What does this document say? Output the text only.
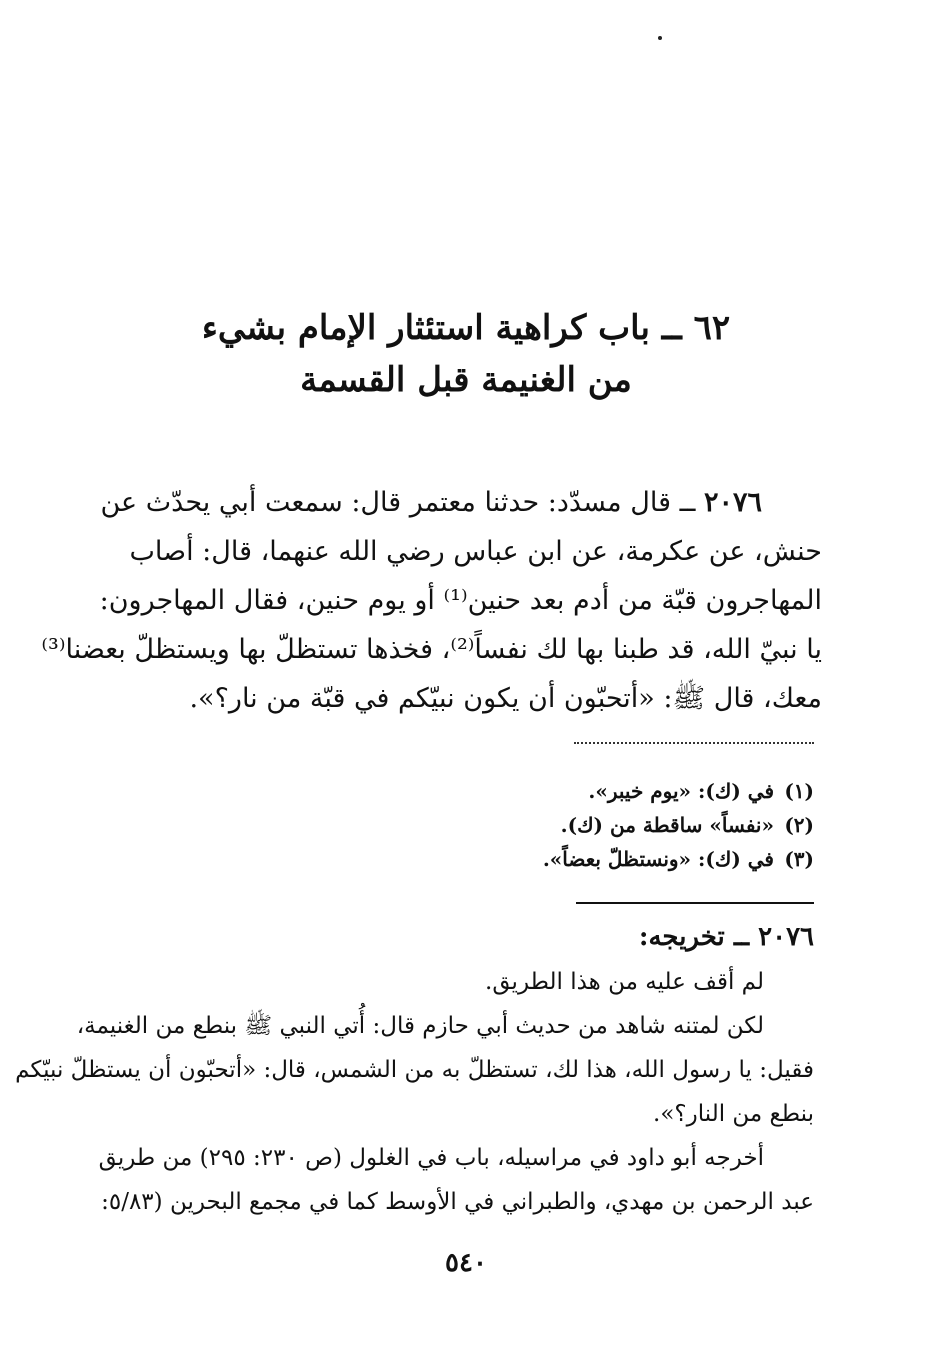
٦٢ ــ باب كراهية استئثار الإمام بشيء
من الغنيمة قبل القسمة
٢٠٧٦ ــ قال مسدّد: حدثنا معتمر قال: سمعت أبي يحدّث عن
حنش، عن عكرمة، عن ابن عباس رضي الله عنهما، قال: أصاب
المهاجرون قبّة من أدم بعد حنين⁽¹⁾ أو يوم حنين، فقال المهاجرون:
يا نبيّ الله، قد طبنا بها لك نفساً⁽²⁾، فخذها تستظلّ بها ويستظلّ بعضنا⁽³⁾
معك، قال ﷺ: «أتحبّون أن يكون نبيّكم في قبّة من نار؟».
(١)في (ك): «يوم خيبر».
(٢)«نفساً» ساقطة من (ك).
(٣)في (ك): «ونستظلّ بعضاً».
٢٠٧٦ ــ تخريجه:
لم أقف عليه من هذا الطريق.
لكن لمتنه شاهد من حديث أبي حازم قال: أُتي النبي ﷺ بنطع من الغنيمة،
فقيل: يا رسول الله، هذا لك، تستظلّ به من الشمس، قال: «أتحبّون أن يستظلّ نبيّكم
بنطع من النار؟».
أخرجه أبو داود في مراسيله، باب في الغلول (ص ٢٣٠: ٢٩٥) من طريق
عبد الرحمن بن مهدي، والطبراني في الأوسط كما في مجمع البحرين (٥/٨٣:
٥٤٠
